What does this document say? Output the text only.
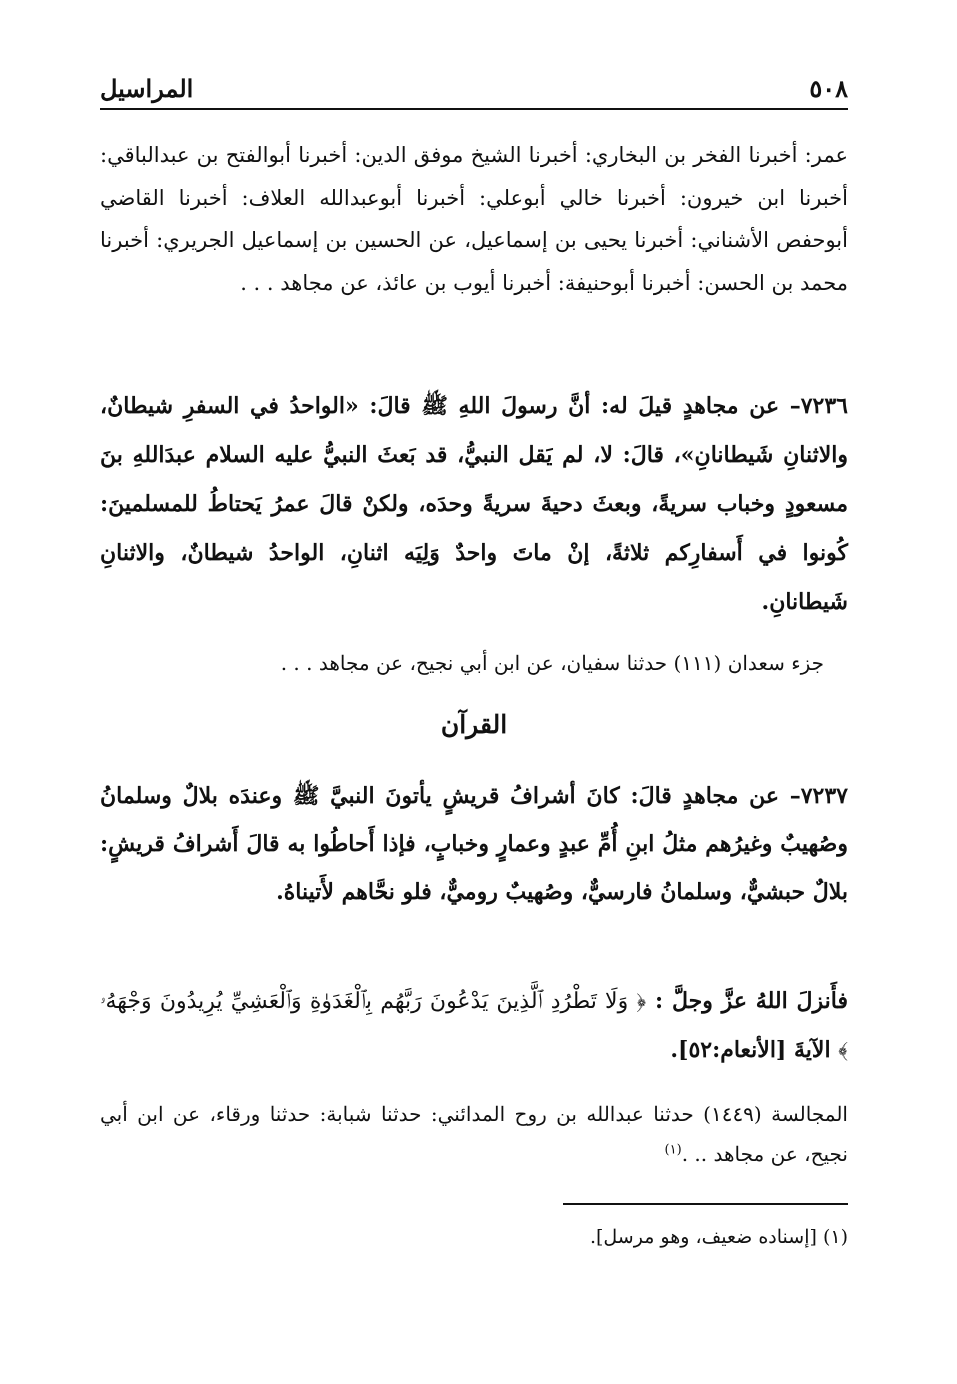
٥٠٨
المراسيل
عمر: أخبرنا الفخر بن البخاري: أخبرنا الشيخ موفق الدين: أخبرنا أبوالفتح بن عبدالباقي: أخبرنا ابن خيرون: أخبرنا خالي أبوعلي: أخبرنا أبوعبدالله العلاف: أخبرنا القاضي أبوحفص الأشناني: أخبرنا يحيى بن إسماعيل، عن الحسين بن إسماعيل الجريري: أخبرنا محمد بن الحسن: أخبرنا أبوحنيفة: أخبرنا أيوب بن عائذ، عن مجاهد . . .
٧٢٣٦– عن مجاهدٍ قيلَ له: أنَّ رسولَ اللهِ ﷺ قالَ: «الواحدُ في السفرِ شيطانٌ، والاثنانِ شَيطانانِ»، قالَ: لا، لم يَقل النبيُّ، قد بَعثَ النبيُّ عليه السلام عبدَاللهِ بنَ مسعودٍ وخباب سريةً، وبعثَ دحيةَ سريةً وحدَه، ولكنْ قالَ عمرُ يَحتاطُ للمسلمينَ: كُونوا في أَسفارِكم ثلاثةً، إنْ ماتَ واحدٌ وَلِيَه اثنانِ، الواحدُ شيطانٌ، والاثنانِ شَيطانانِ.
جزء سعدان (١١١) حدثنا سفيان، عن ابن أبي نجيح، عن مجاهد . . .
القرآن
٧٢٣٧– عن مجاهدٍ قالَ: كانَ أشرافُ قريشٍ يأتونَ النبيَّ ﷺ وعندَه بلالٌ وسلمانُ وصُهيبٌ وغيرُهم مثلُ ابنِ أُمِّ عبدٍ وعمارٍ وخبابٍ، فإذا أَحاطُوا به قالَ أَشرافُ قريشٍ: بلالٌ حبشيٌّ، وسلمانُ فارسيٌّ، وصُهيبٌ روميٌّ، فلو نحَّاهم لأَتيناهُ.
فأَنزلَ اللهُ عزَّ وجلَّ : ﴿ وَلَا تَطْرُدِ ٱلَّذِينَ يَدْعُونَ رَبَّهُم بِٱلْغَدَوٰةِ وَٱلْعَشِيِّ يُرِيدُونَ وَجْهَهُۥ ﴾ الآيةَ [الأنعام:٥٢].
المجالسة (١٤٤٩) حدثنا عبدالله بن روح المدائني: حدثنا شبابة: حدثنا ورقاء، عن ابن أبي نجيح، عن مجاهد .. .$^{(١)}$
(١) [إسناده ضعيف، وهو مرسل].
